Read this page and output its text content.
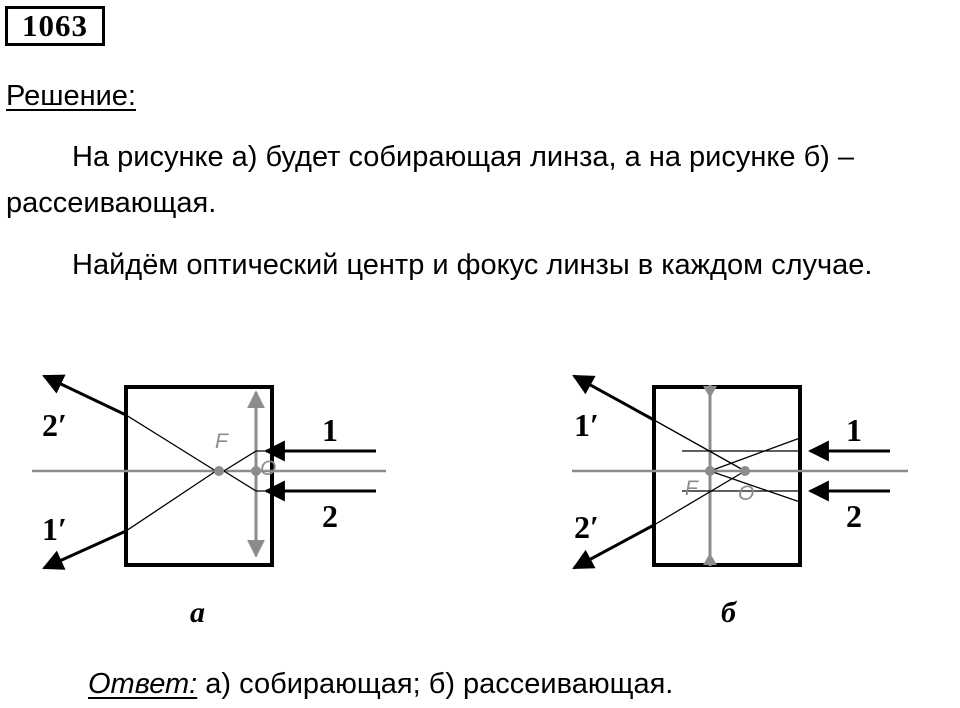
1063
Решение:

На рисунке а) будет собирающая линза, а на рисунке б) – рассеивающая.

Найдём оптический центр и фокус линзы в каждом случае.

F
O
1
2
2′
1′
а
F O
1
2
1′
2′
б
Ответ: а) собирающая; б) рассеивающая.
